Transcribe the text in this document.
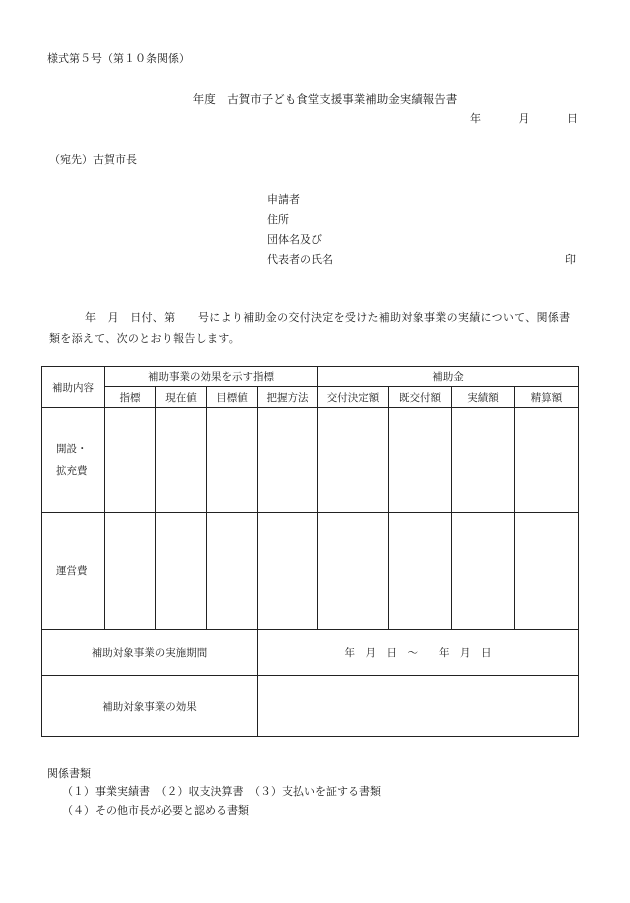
様式第５号（第１０条関係）
年度　古賀市子ども食堂支援事業補助金実績報告書
年	月	日
（宛先）古賀市長
申請者
住所
団体名及び
代表者の氏名	印
年　月　日付、第　　号により補助金の交付決定を受けた補助対象事業の実績について、関係書類を添えて、次のとおり報告します。
補助内容	補助事業の効果を示す指標				補助金			
	指標	現在値	目標値	把握方法	交付決定額	既交付額	実績額	精算額

開設・
拡充費								

運営費								
補助対象事業の実施期間				年　月　日　～　　年　月　日				
補助対象事業の効果								
関係書類
（１）事業実績書　（２）収支決算書　（３）支払いを証する書類
（４）その他市長が必要と認める書類
